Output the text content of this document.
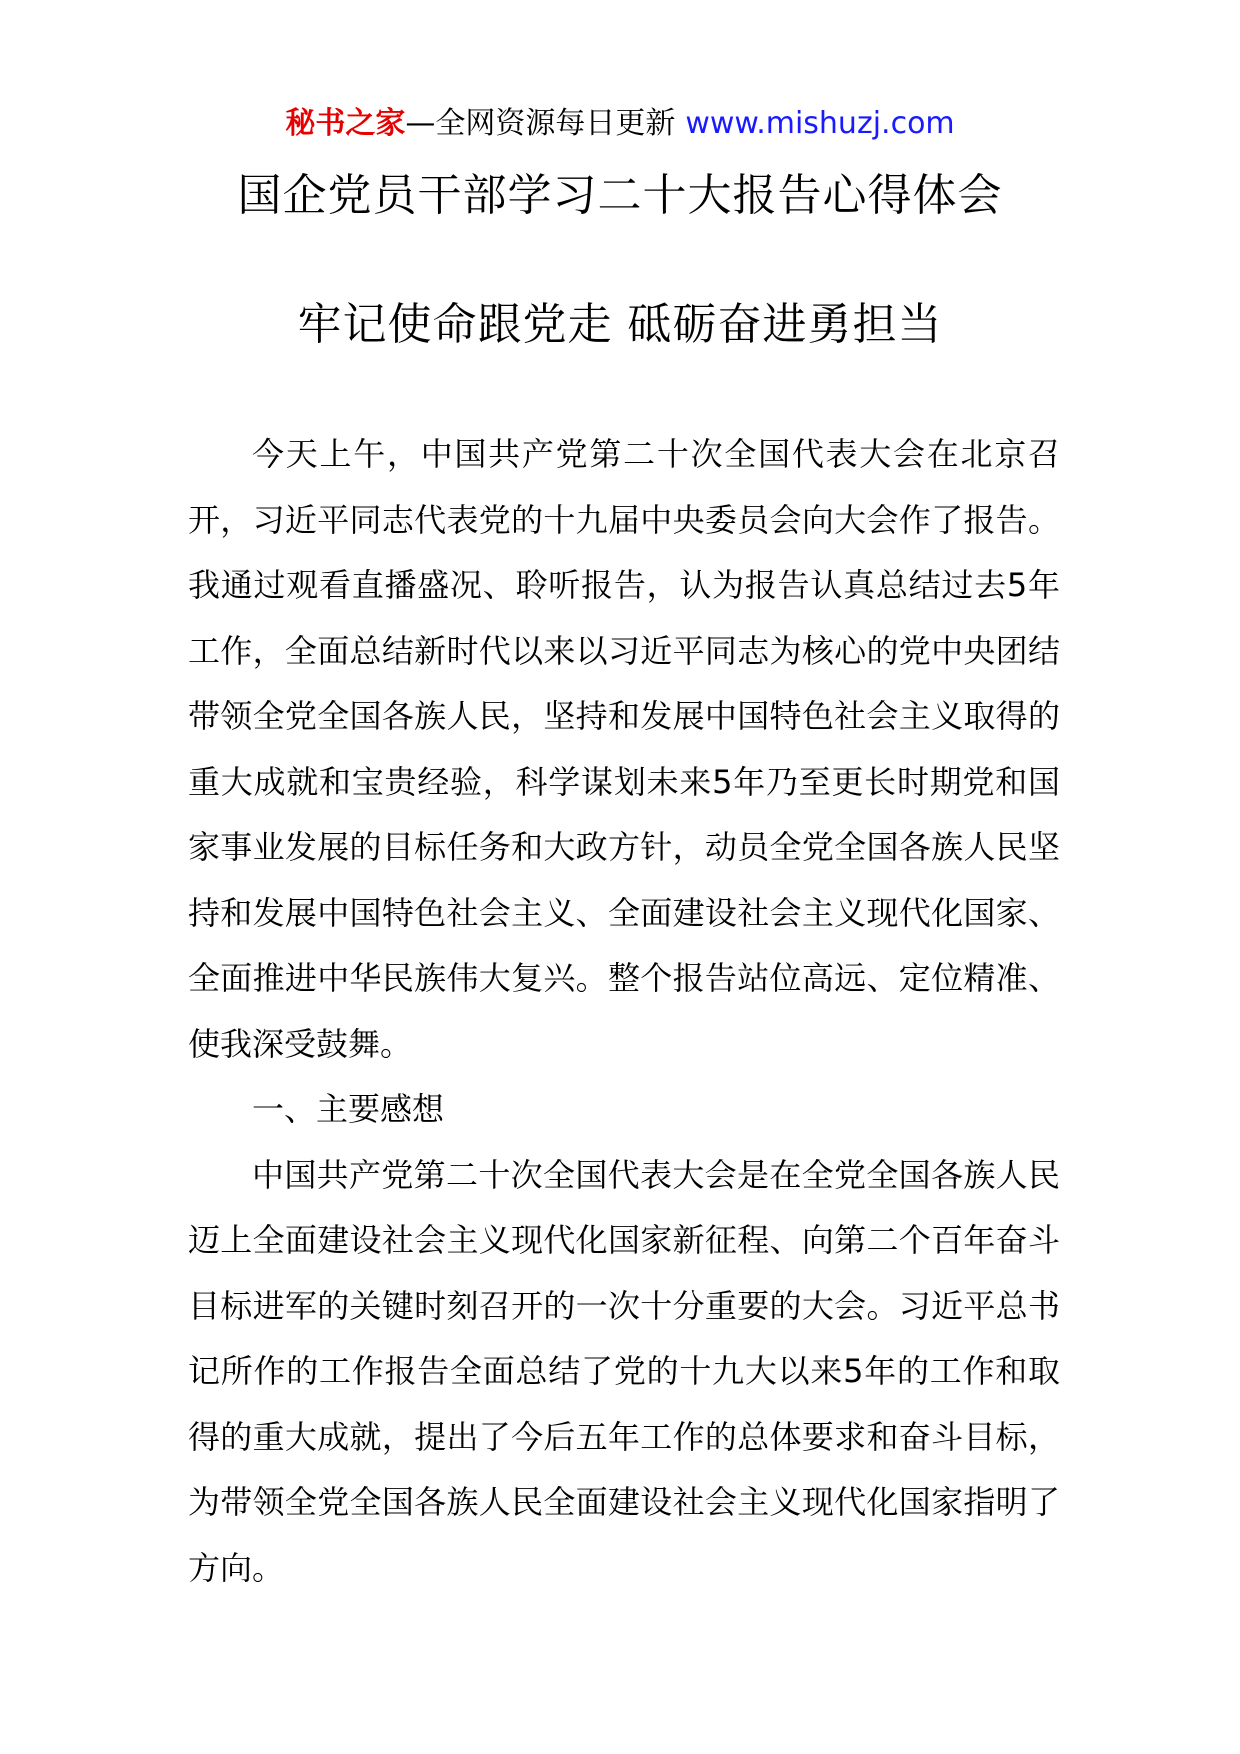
秘书之家—全网资源每日更新 www.mishuzj.com
国企党员干部学习二十大报告心得体会
牢记使命跟党走 砥砺奋进勇担当

今天上午，中国共产党第二十次全国代表大会在北京召开，习近平同志代表党的十九届中央委员会向大会作了报告。我通过观看直播盛况、聆听报告，认为报告认真总结过去5年工作，全面总结新时代以来以习近平同志为核心的党中央团结带领全党全国各族人民，坚持和发展中国特色社会主义取得的重大成就和宝贵经验，科学谋划未来5年乃至更长时期党和国家事业发展的目标任务和大政方针，动员全党全国各族人民坚持和发展中国特色社会主义、全面建设社会主义现代化国家、全面推进中华民族伟大复兴。整个报告站位高远、定位精准、使我深受鼓舞。

一、主要感想

中国共产党第二十次全国代表大会是在全党全国各族人民迈上全面建设社会主义现代化国家新征程、向第二个百年奋斗目标进军的关键时刻召开的一次十分重要的大会。习近平总书记所作的工作报告全面总结了党的十九大以来5年的工作和取得的重大成就，提出了今后五年工作的总体要求和奋斗目标，为带领全党全国各族人民全面建设社会主义现代化国家指明了方向。
